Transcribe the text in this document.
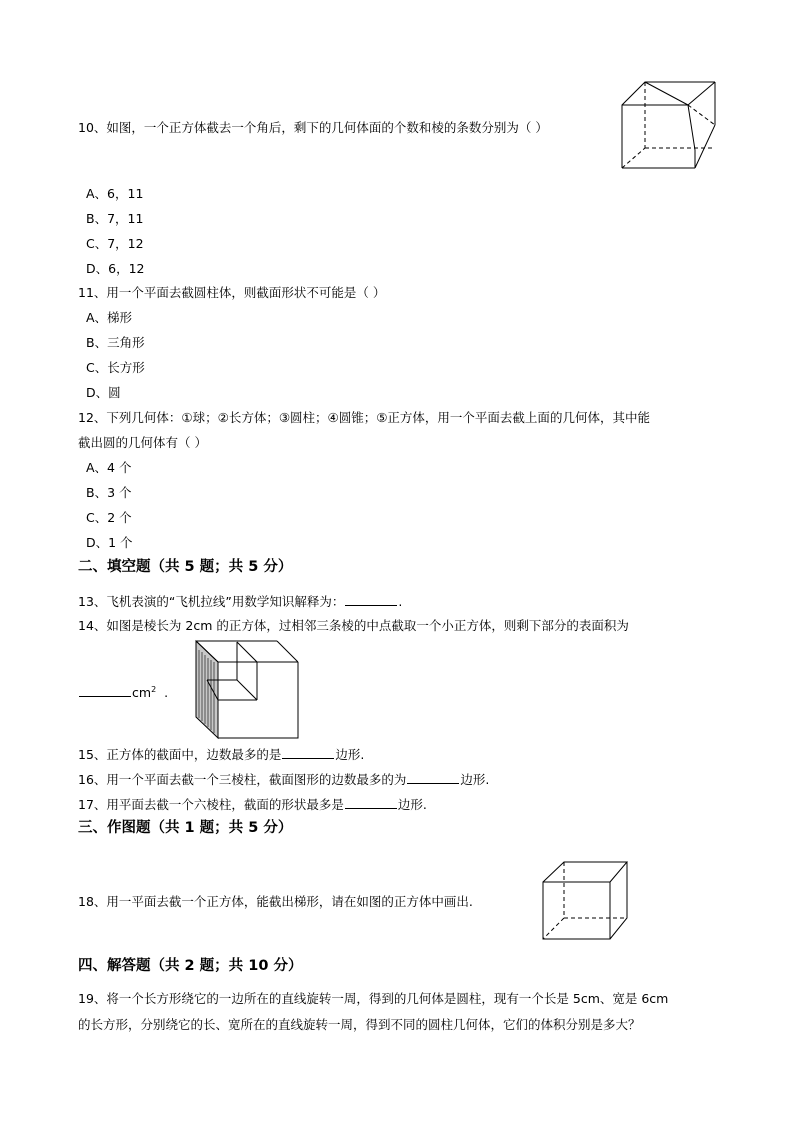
10、如图，一个正方体截去一个角后，剩下的几何体面的个数和棱的条数分别为（ ）
A、6，11
B、7，11
C、7，12
D、6，12
11、用一个平面去截圆柱体，则截面形状不可能是（ ）
A、梯形
B、三角形
C、长方形
D、圆
12、下列几何体：①球；②长方体；③圆柱；④圆锥；⑤正方体，用一个平面去截上面的几何体，其中能
截出圆的几何体有（ ）
A、4 个
B、3 个
C、2 个
D、1 个
二、填空题（共 5 题；共 5 分）
13、飞机表演的“飞机拉线”用数学知识解释为：	.
14、如图是棱长为 2cm 的正方体，过相邻三条棱的中点截取一个小正方体，则剩下部分的表面积为
$cm^2$ .
15、正方体的截面中，边数最多的是	边形.
16、用一个平面去截一个三棱柱，截面图形的边数最多的为	边形.
17、用平面去截一个六棱柱，截面的形状最多是	边形.
三、作图题（共 1 题；共 5 分）
18、用一平面去截一个正方体，能截出梯形，请在如图的正方体中画出.
四、解答题（共 2 题；共 10 分）
19、将一个长方形绕它的一边所在的直线旋转一周，得到的几何体是圆柱，现有一个长是 5cm、宽是 6cm
的长方形，分别绕它的长、宽所在的直线旋转一周，得到不同的圆柱几何体，它们的体积分别是多大？
